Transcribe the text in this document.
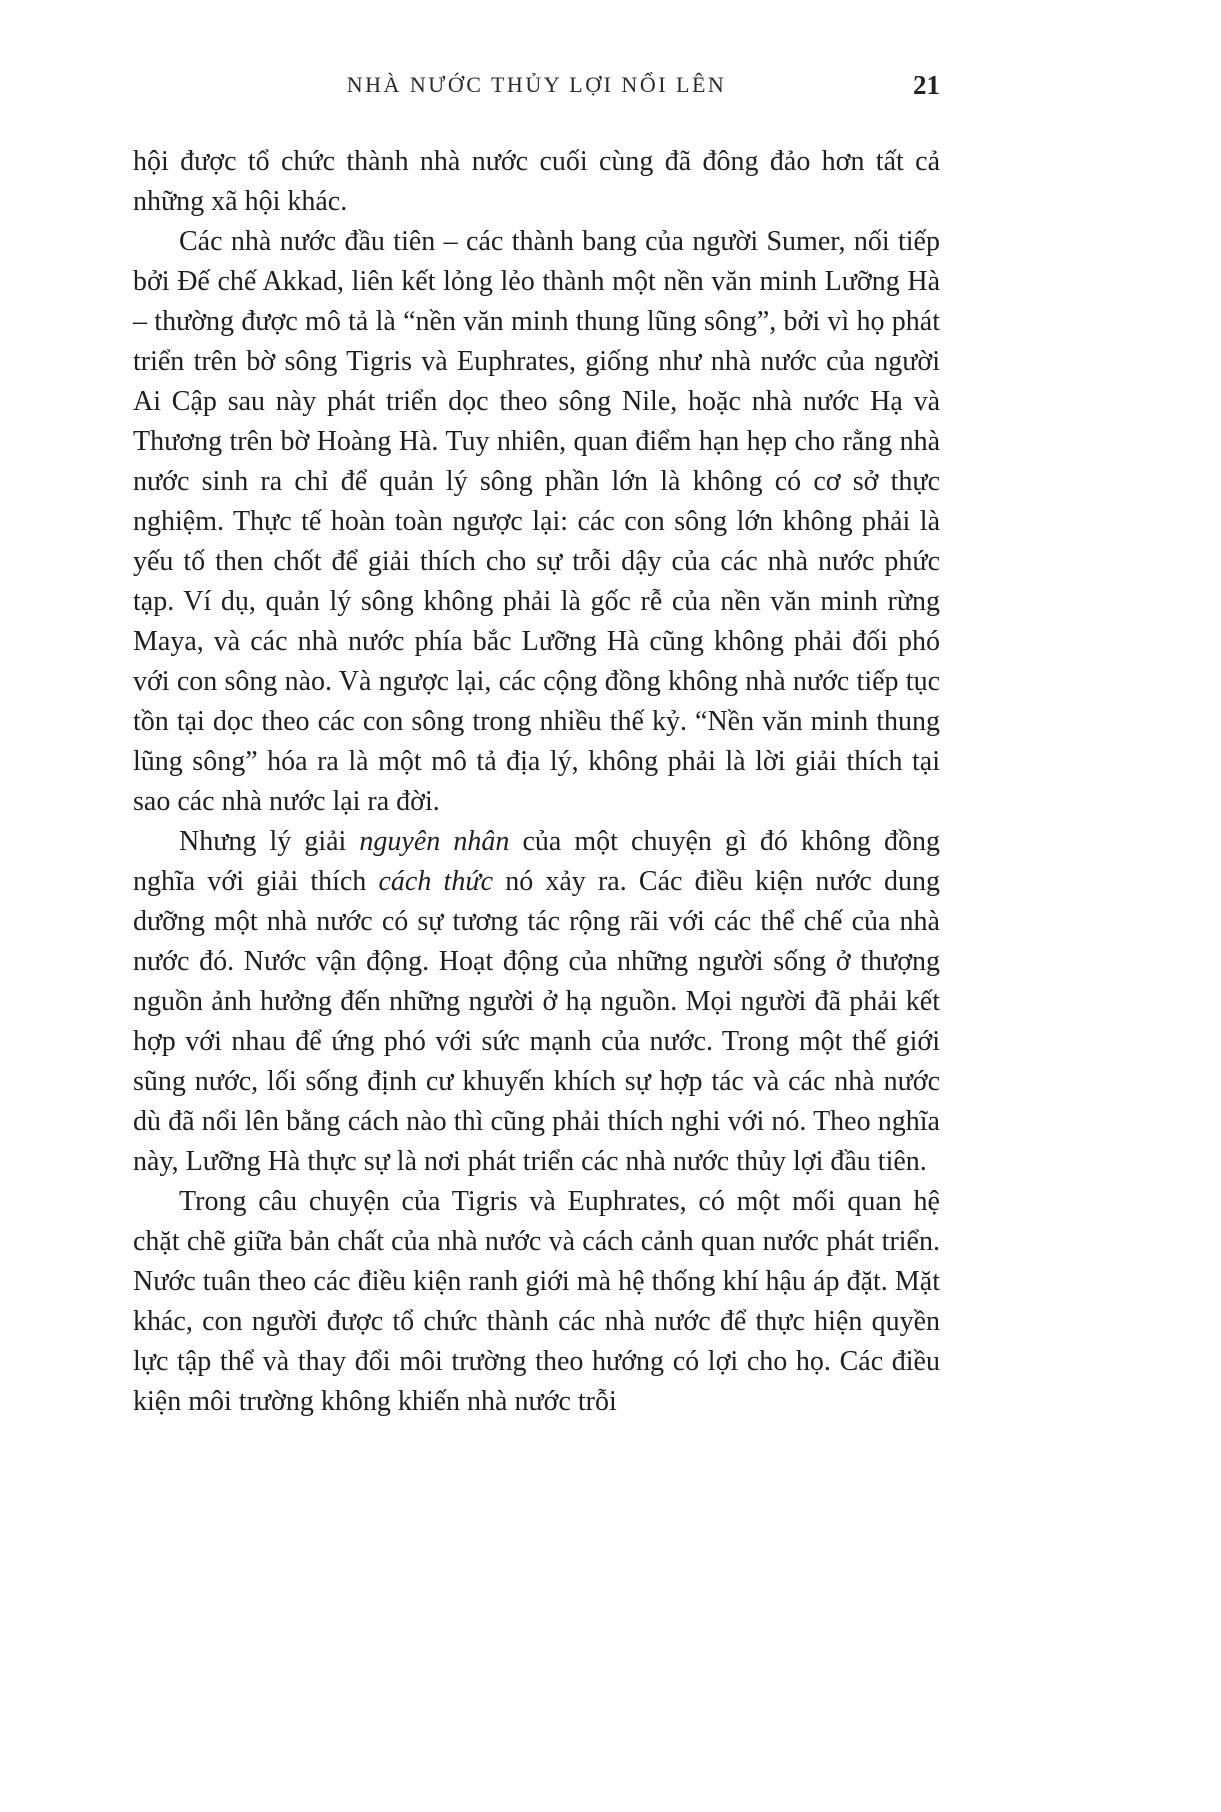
NHÀ NƯỚC THỦY LỢI NỔI LÊN	21

hội được tổ chức thành nhà nước cuối cùng đã đông đảo hơn tất cả những xã hội khác.

Các nhà nước đầu tiên – các thành bang của người Sumer, nối tiếp bởi Đế chế Akkad, liên kết lỏng lẻo thành một nền văn minh Lưỡng Hà – thường được mô tả là “nền văn minh thung lũng sông”, bởi vì họ phát triển trên bờ sông Tigris và Euphrates, giống như nhà nước của người Ai Cập sau này phát triển dọc theo sông Nile, hoặc nhà nước Hạ và Thương trên bờ Hoàng Hà. Tuy nhiên, quan điểm hạn hẹp cho rằng nhà nước sinh ra chỉ để quản lý sông phần lớn là không có cơ sở thực nghiệm. Thực tế hoàn toàn ngược lại: các con sông lớn không phải là yếu tố then chốt để giải thích cho sự trỗi dậy của các nhà nước phức tạp. Ví dụ, quản lý sông không phải là gốc rễ của nền văn minh rừng Maya, và các nhà nước phía bắc Lưỡng Hà cũng không phải đối phó với con sông nào. Và ngược lại, các cộng đồng không nhà nước tiếp tục tồn tại dọc theo các con sông trong nhiều thế kỷ. “Nền văn minh thung lũng sông” hóa ra là một mô tả địa lý, không phải là lời giải thích tại sao các nhà nước lại ra đời.

Nhưng lý giải nguyên nhân của một chuyện gì đó không đồng nghĩa với giải thích cách thức nó xảy ra. Các điều kiện nước dung dưỡng một nhà nước có sự tương tác rộng rãi với các thể chế của nhà nước đó. Nước vận động. Hoạt động của những người sống ở thượng nguồn ảnh hưởng đến những người ở hạ nguồn. Mọi người đã phải kết hợp với nhau để ứng phó với sức mạnh của nước. Trong một thế giới sũng nước, lối sống định cư khuyến khích sự hợp tác và các nhà nước dù đã nổi lên bằng cách nào thì cũng phải thích nghi với nó. Theo nghĩa này, Lưỡng Hà thực sự là nơi phát triển các nhà nước thủy lợi đầu tiên.

Trong câu chuyện của Tigris và Euphrates, có một mối quan hệ chặt chẽ giữa bản chất của nhà nước và cách cảnh quan nước phát triển. Nước tuân theo các điều kiện ranh giới mà hệ thống khí hậu áp đặt. Mặt khác, con người được tổ chức thành các nhà nước để thực hiện quyền lực tập thể và thay đổi môi trường theo hướng có lợi cho họ. Các điều kiện môi trường không khiến nhà nước trỗi
